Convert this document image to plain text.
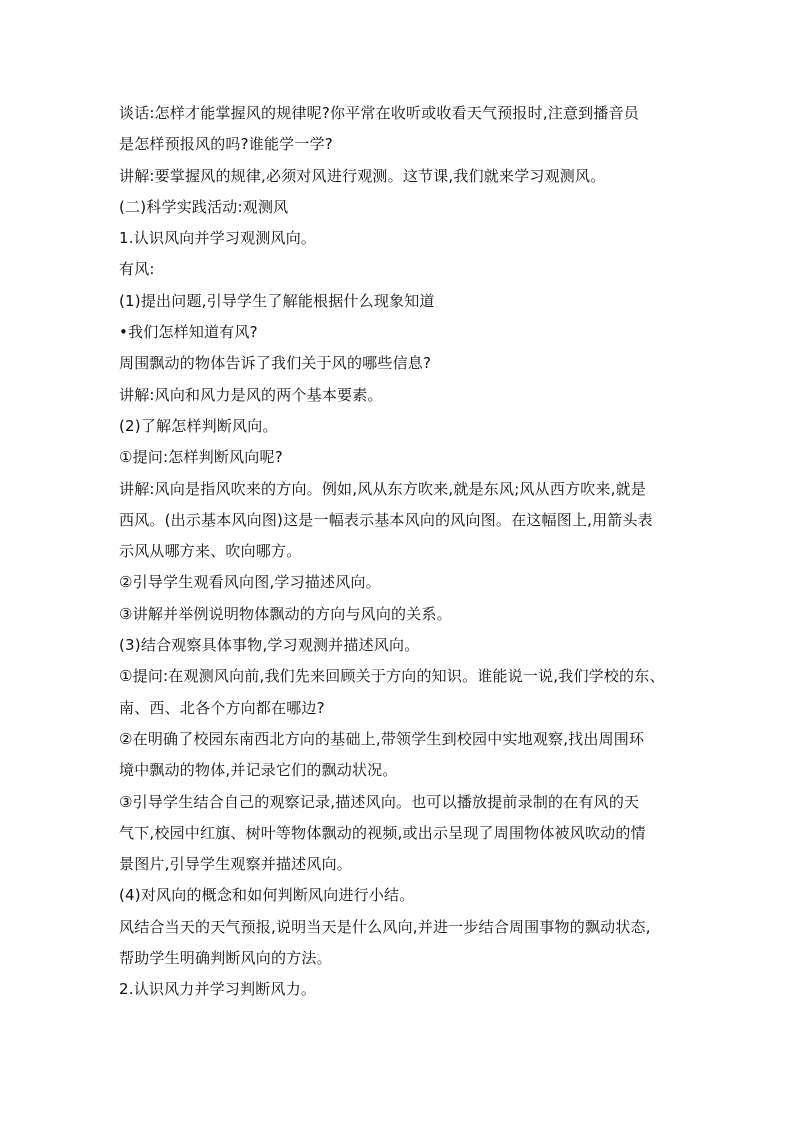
谈话:怎样才能掌握风的规律呢?你平常在收听或收看天气预报时,注意到播音员
是怎样预报风的吗?谁能学一学?
讲解:要掌握风的规律,必须对风进行观测。这节课,我们就来学习观测风。
(二)科学实践活动:观测风
1.认识风向并学习观测风向。
有风:
(1)提出问题,引导学生了解能根据什么现象知道
•我们怎样知道有风?
周围飘动的物体告诉了我们关于风的哪些信息?
讲解:风向和风力是风的两个基本要素。
(2)了解怎样判断风向。
①提问:怎样判断风向呢?
讲解:风向是指风吹来的方向。例如,风从东方吹来,就是东风;风从西方吹来,就是
西风。(出示基本风向图)这是一幅表示基本风向的风向图。在这幅图上,用箭头表
示风从哪方来、吹向哪方。
②引导学生观看风向图,学习描述风向。
③讲解并举例说明物体飘动的方向与风向的关系。
(3)结合观察具体事物,学习观测并描述风向。
①提问:在观测风向前,我们先来回顾关于方向的知识。谁能说一说,我们学校的东、
南、西、北各个方向都在哪边?
②在明确了校园东南西北方向的基础上,带领学生到校园中实地观察,找出周围环
境中飘动的物体,并记录它们的飘动状况。
③引导学生结合自己的观察记录,描述风向。也可以播放提前录制的在有风的天
气下,校园中红旗、树叶等物体飘动的视频,或出示呈现了周围物体被风吹动的情
景图片,引导学生观察并描述风向。
(4)对风向的概念和如何判断风向进行小结。
风结合当天的天气预报,说明当天是什么风向,并进一步结合周围事物的飘动状态,
帮助学生明确判断风向的方法。
2.认识风力并学习判断风力。
